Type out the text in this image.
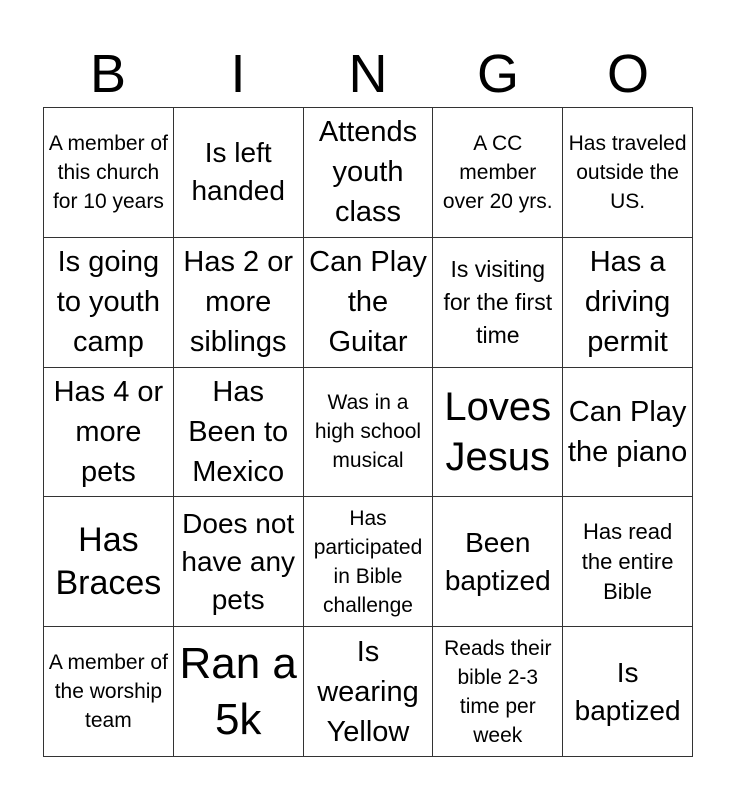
B	I	N	G	O
A member of this church for 10 years
Is left handed
Attends youth class
A CC member over 20 yrs.
Has traveled outside the US.
Is going to youth camp
Has 2 or more siblings
Can Play the Guitar
Is visiting for the first time
Has a driving permit
Has 4 or more pets
Has Been to Mexico
Was in a high school musical
Loves Jesus
Can Play the piano
Has Braces
Does not have any pets
Has participated in Bible challenge
Been baptized
Has read the entire Bible
A member of the worship team
Ran a 5k
Is wearing Yellow
Reads their bible 2-3 time per week
Is baptized
